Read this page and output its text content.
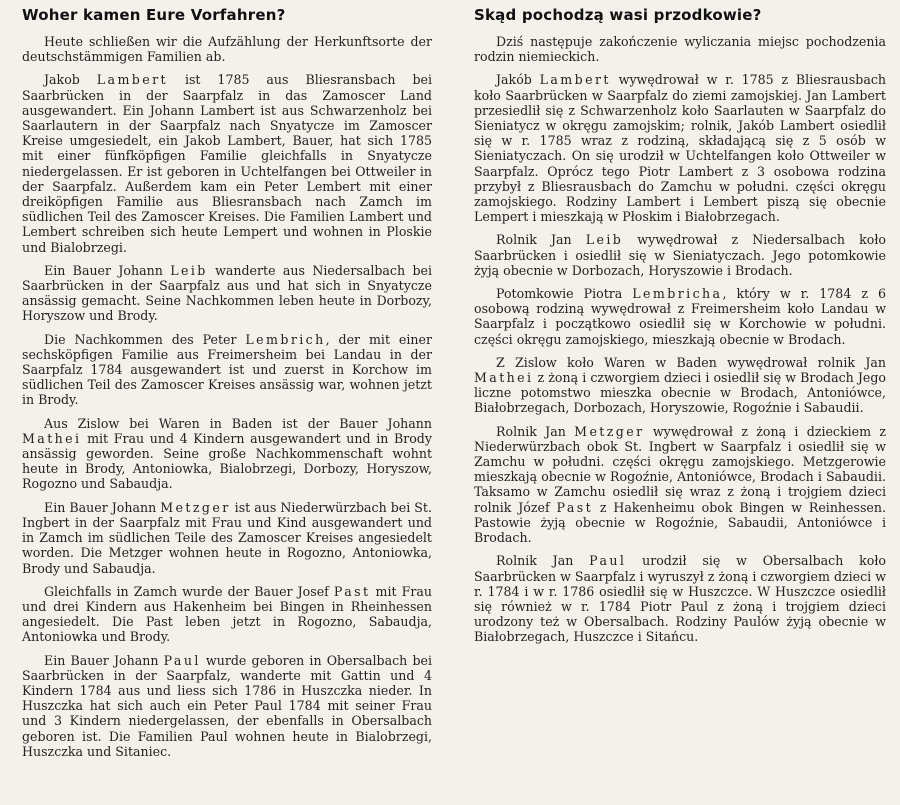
Woher kamen Eure Vorfahren?

Heute schließen wir die Aufzählung der Herkunftsorte der deutschstämmigen Familien ab.

Jakob Lambert ist 1785 aus Bliesransbach bei Saarbrücken in der Saarpfalz in das Zamoscer Land ausgewandert. Ein Johann Lambert ist aus Schwarzenholz bei Saarlautern in der Saarpfalz nach Snyatycze im Zamoscer Kreise umgesiedelt, ein Jakob Lambert, Bauer, hat sich 1785 mit einer fünfköpfigen Familie gleichfalls in Snyatycze niedergelassen. Er ist geboren in Uchtelfangen bei Ottweiler in der Saarpfalz. Außerdem kam ein Peter Lembert mit einer dreiköpfigen Familie aus Bliesransbach nach Zamch im südlichen Teil des Zamoscer Kreises. Die Familien Lambert und Lembert schreiben sich heute Lempert und wohnen in Ploskie und Bialobrzegi.

Ein Bauer Johann Leib wanderte aus Niedersalbach bei Saarbrücken in der Saarpfalz aus und hat sich in Snyatycze ansässig gemacht. Seine Nachkommen leben heute in Dorbozy, Horyszow und Brody.

Die Nachkommen des Peter Lembrich, der mit einer sechsköpfigen Familie aus Freimersheim bei Landau in der Saarpfalz 1784 ausgewandert ist und zuerst in Korchow im südlichen Teil des Zamoscer Kreises ansässig war, wohnen jetzt in Brody.

Aus Zislow bei Waren in Baden ist der Bauer Johann Mathei mit Frau und 4 Kindern ausgewandert und in Brody ansässig geworden. Seine große Nachkommenschaft wohnt heute in Brody, Antoniowka, Bialobrzegi, Dorbozy, Horyszow, Rogozno und Sabaudja.

Ein Bauer Johann Metzger ist aus Niederwürzbach bei St. Ingbert in der Saarpfalz mit Frau und Kind ausgewandert und in Zamch im südlichen Teile des Zamoscer Kreises angesiedelt worden. Die Metzger wohnen heute in Rogozno, Antoniowka, Brody und Sabaudja.

Gleichfalls in Zamch wurde der Bauer Josef Past mit Frau und drei Kindern aus Hakenheim bei Bingen in Rheinhessen angesiedelt. Die Past leben jetzt in Rogozno, Sabaudja, Antoniowka und Brody.

Ein Bauer Johann Paul wurde geboren in Obersalbach bei Saarbrücken in der Saarpfalz, wanderte mit Gattin und 4 Kindern 1784 aus und liess sich 1786 in Huszczka nieder. In Huszczka hat sich auch ein Peter Paul 1784 mit seiner Frau und 3 Kindern niedergelassen, der ebenfalls in Obersalbach geboren ist. Die Familien Paul wohnen heute in Bialobrzegi, Huszczka und Sitaniec.

Skąd pochodzą wasi przodkowie?

Dziś następuje zakończenie wyliczania miejsc pochodzenia rodzin niemieckich.

Jakób Lambert wywędrował w r. 1785 z Bliesrausbach koło Saarbrücken w Saarpfalz do ziemi zamojskiej. Jan Lambert przesiedlił się z Schwarzenholz koło Saarlauten w Saarpfalz do Sieniatycz w okręgu zamojskim; rolnik, Jakób Lambert osiedlił się w r. 1785 wraz z rodziną, składającą się z 5 osób w Sieniatyczach. On się urodził w Uchtelfangen koło Ottweiler w Saarpfalz. Oprócz tego Piotr Lambert z 3 osobowa rodzina przybył z Bliesrausbach do Zamchu w południ. części okręgu zamojskiego. Rodziny Lambert i Lembert piszą się obecnie Lempert i mieszkają w Płoskim i Białobrzegach.

Rolnik Jan Leib wywędrował z Niedersalbach koło Saarbrücken i osiedlił się w Sieniatyczach. Jego potomkowie żyją obecnie w Dorbozach, Horyszowie i Brodach.

Potomkowie Piotra Lembricha, który w r. 1784 z 6 osobową rodziną wywędrował z Freimersheim koło Landau w Saarpfalz i początkowo osiedlił się w Korchowie w południ. części okręgu zamojskiego, mieszkają obecnie w Brodach.

Z Zislow koło Waren w Baden wywędrował rolnik Jan Mathei z żoną i czworgiem dzieci i osiedlił się w Brodach Jego liczne potomstwo mieszka obecnie w Brodach, Antoniówce, Białobrzegach, Dorbozach, Horyszowie, Rogoźnie i Sabaudii.

Rolnik Jan Metzger wywędrował z żoną i dzieckiem z Niederwürzbach obok St. Ingbert w Saarpfalz i osiedlił się w Zamchu w południ. części okręgu zamojskiego. Metzgerowie mieszkają obecnie w Rogoźnie, Antoniówce, Brodach i Sabaudii. Taksamo w Zamchu osiedlił się wraz z żoną i trojgiem dzieci rolnik Józef Past z Hakenheimu obok Bingen w Reinhessen. Pastowie żyją obecnie w Rogoźnie, Sabaudii, Antoniówce i Brodach.

Rolnik Jan Paul urodził się w Obersalbach koło Saarbrücken w Saarpfalz i wyruszył z żoną i czworgiem dzieci w r. 1784 i w r. 1786 osiedlił się w Huszczce. W Huszczce osiedlił się również w r. 1784 Piotr Paul z żoną i trojgiem dzieci urodzony też w Obersalbach. Rodziny Paulów żyją obecnie w Białobrzegach, Huszczce i Sitańcu.
